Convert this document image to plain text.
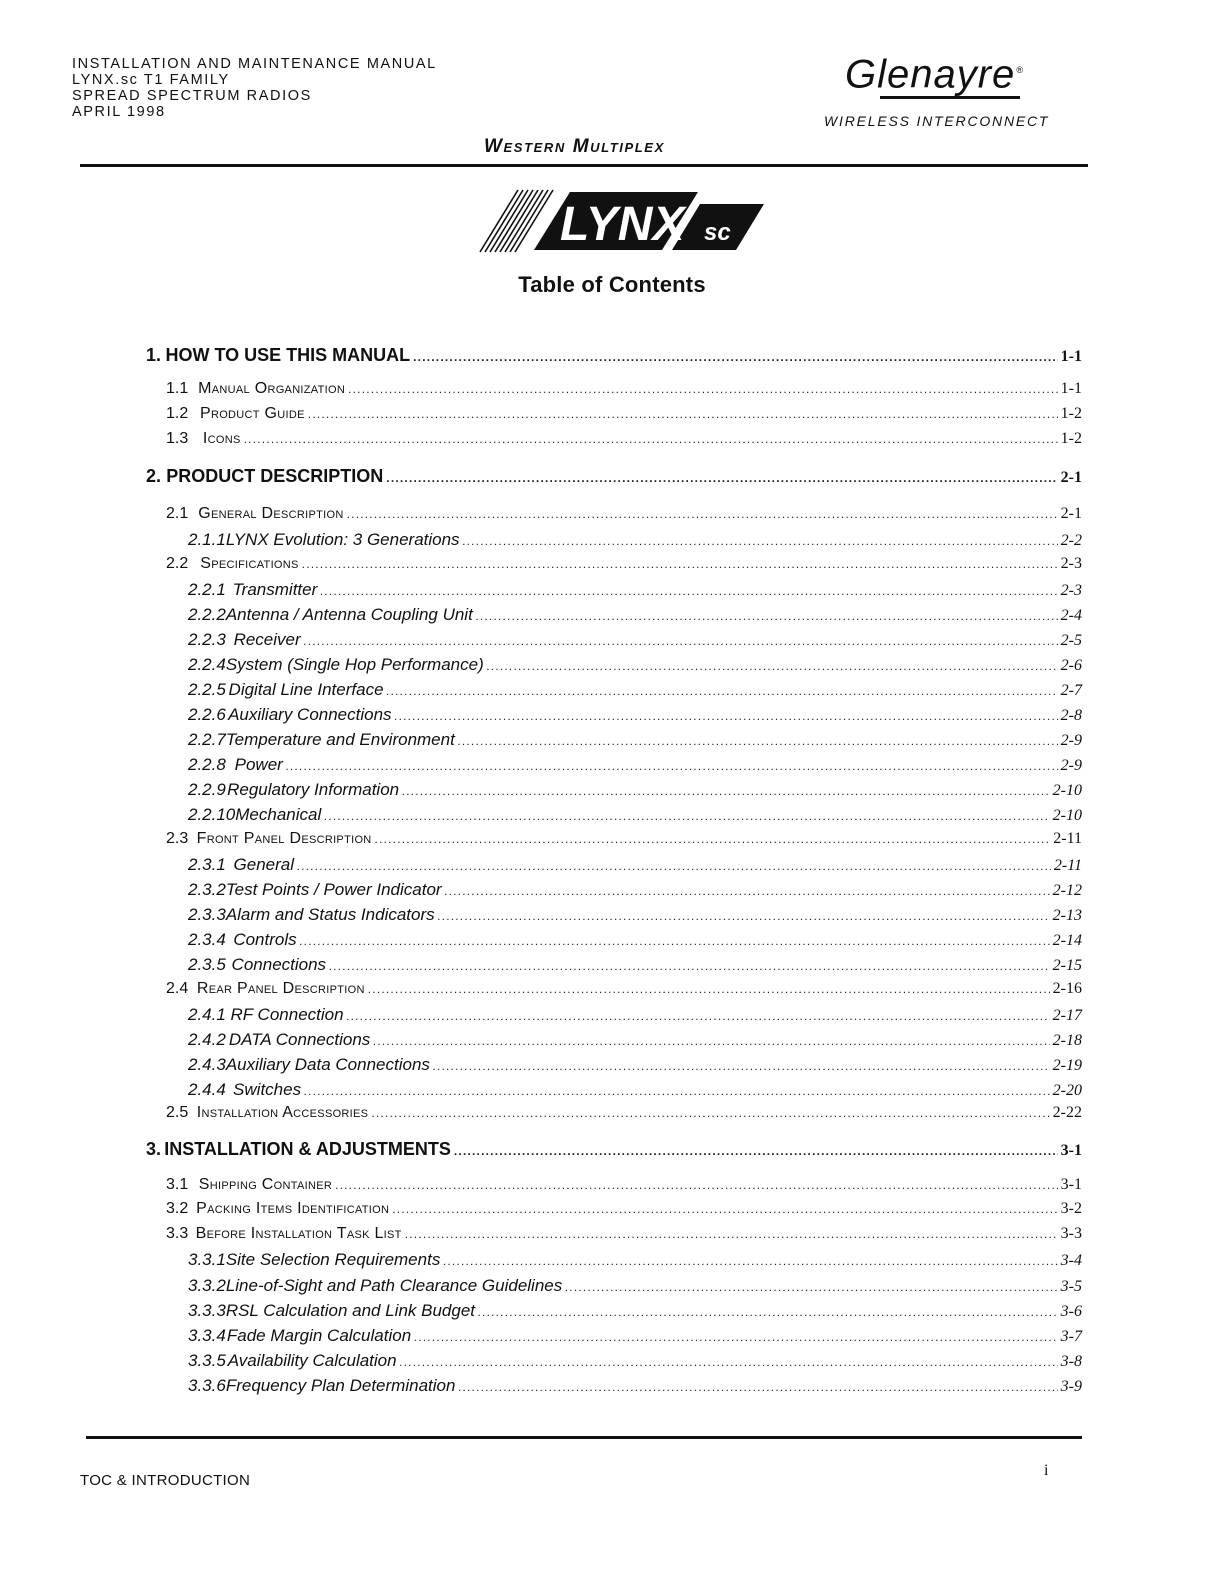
INSTALLATION AND MAINTENANCE MANUAL
LYNX.sc T1 FAMILY
SPREAD SPECTRUM RADIOS
APRIL 1998
Glenayre®
WIRELESS INTERCONNECT
Western Multiplex
LYNX sc
Table of Contents
1. HOW TO USE THIS MANUAL .....	1-1
1.1 Manual Organization .....	1-1
1.2 Product Guide .....	1-2
1.3 Icons .....	1-2
2. PRODUCT DESCRIPTION .....	2-1
2.1 General Description .....	2-1
2.1.1 LYNX Evolution: 3 Generations .....	2-2
2.2 Specifications .....	2-3
2.2.1 Transmitter .....	2-3
2.2.2 Antenna / Antenna Coupling Unit .....	2-4
2.2.3 Receiver .....	2-5
2.2.4 System (Single Hop Performance) .....	2-6
2.2.5 Digital Line Interface .....	2-7
2.2.6 Auxiliary Connections .....	2-8
2.2.7 Temperature and Environment .....	2-9
2.2.8 Power .....	2-9
2.2.9 Regulatory Information .....	2-10
2.2.10 Mechanical .....	2-10
2.3 Front Panel Description .....	2-11
2.3.1 General .....	2-11
2.3.2 Test Points / Power Indicator .....	2-12
2.3.3 Alarm and Status Indicators .....	2-13
2.3.4 Controls .....	2-14
2.3.5 Connections .....	2-15
2.4 Rear Panel Description .....	2-16
2.4.1 RF Connection .....	2-17
2.4.2 DATA Connections .....	2-18
2.4.3 Auxiliary Data Connections .....	2-19
2.4.4 Switches .....	2-20
2.5 Installation Accessories .....	2-22
3. INSTALLATION & ADJUSTMENTS .....	3-1
3.1 Shipping Container .....	3-1
3.2 Packing Items Identification .....	3-2
3.3 Before Installation Task List .....	3-3
3.3.1 Site Selection Requirements .....	3-4
3.3.2 Line-of-Sight and Path Clearance Guidelines .....	3-5
3.3.3 RSL Calculation and Link Budget .....	3-6
3.3.4 Fade Margin Calculation .....	3-7
3.3.5 Availability Calculation .....	3-8
3.3.6 Frequency Plan Determination .....	3-9
TOC & INTRODUCTION
i
